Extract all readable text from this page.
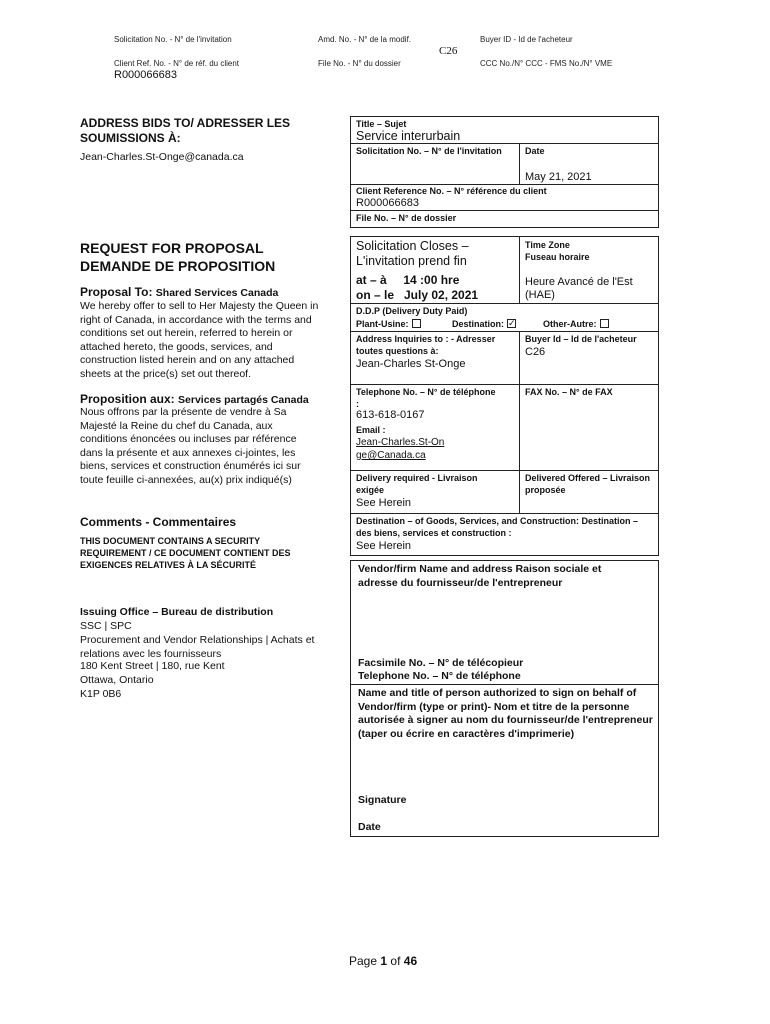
Solicitation No. - N° de l'invitation	Amd. No. - N° de la modif.	Buyer ID - Id de l'acheteur
C26
Client Ref. No. - N° de réf. du client	File No. - N° du dossier	CCC No./N° CCC - FMS No./N° VME
R000066683
ADDRESS BIDS TO/ ADRESSER LES SOUMISSIONS À:
Jean-Charles.St-Onge@canada.ca
REQUEST FOR PROPOSAL
DEMANDE DE PROPOSITION
Proposal To: Shared Services Canada
We hereby offer to sell to Her Majesty the Queen in right of Canada, in accordance with the terms and conditions set out herein, referred to herein or attached hereto, the goods, services, and construction listed herein and on any attached sheets at the price(s) set out thereof.
Proposition aux: Services partagés Canada
Nous offrons par la présente de vendre à Sa Majesté la Reine du chef du Canada, aux conditions énoncées ou incluses par référence dans la présente et aux annexes ci-jointes, les biens, services et construction énumérés ici sur toute feuille ci-annexées, au(x) prix indiqué(s)
Comments - Commentaires
THIS DOCUMENT CONTAINS A SECURITY REQUIREMENT / CE DOCUMENT CONTIENT DES EXIGENCES RELATIVES À LA SÉCURITÉ
Issuing Office – Bureau de distribution
SSC | SPC
Procurement and Vendor Relationships | Achats et relations avec les fournisseurs
180 Kent Street | 180, rue Kent
Ottawa, Ontario
K1P 0B6
Title – Sujet
Service interurbain
Solicitation No. – N° de l'invitation	Date
May 21, 2021
Client Reference No. – N° référence du client
R000066683
File No. – N° de dossier
Solicitation Closes – L'invitation prend fin
at – à     14 :00 hre
on – le   July 02, 2021
Time Zone
Fuseau horaire
Heure Avancé de l'Est (HAE)
D.D.P (Delivery Duty Paid)
Plant-Usine:	Destination:✓	Other-Autre:
Address Inquiries to : - Adresser toutes questions à:
Jean-Charles St-Onge
Buyer Id – Id de l'acheteur
C26
Telephone No. – N° de téléphone :
613-618-0167
Email :
Jean-Charles.St-Onge@Canada.ca
FAX No. – N° de FAX
Delivery required - Livraison exigée
See Herein
Delivered Offered – Livraison proposée
Destination – of Goods, Services, and Construction: Destination – des biens, services et construction :
See Herein
Vendor/firm Name and address Raison sociale et adresse du fournisseur/de l'entrepreneur
Facsimile No. – N° de télécopieur
Telephone No. – N° de téléphone
Name and title of person authorized to sign on behalf of Vendor/firm (type or print)- Nom et titre de la personne autorisée à signer au nom du fournisseur/de l'entrepreneur (taper ou écrire en caractères d'imprimerie)
Signature
Date
Page 1 of 46
